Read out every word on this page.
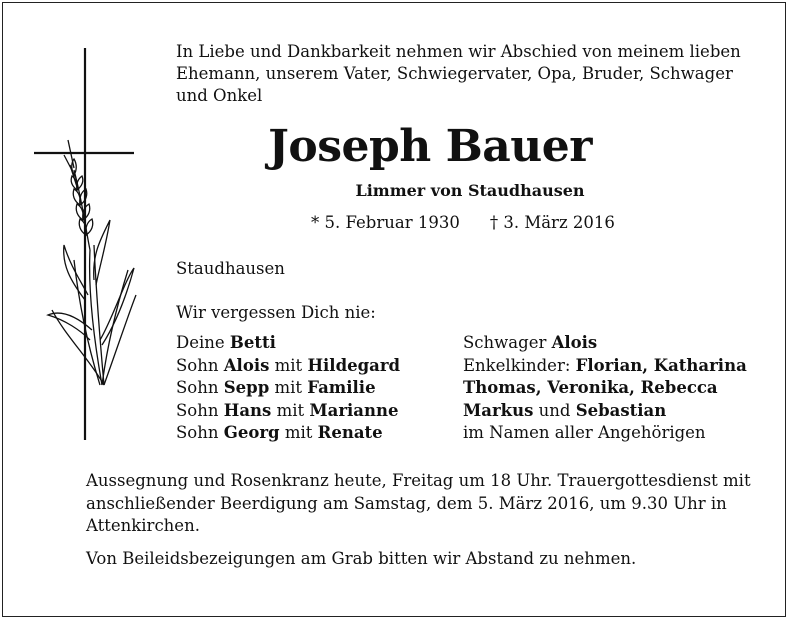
In Liebe und Dankbarkeit nehmen wir Abschied von meinem lieben Ehemann, unserem Vater, Schwiegervater, Opa, Bruder, Schwager und Onkel
Joseph Bauer
Limmer von Staudhausen
* 5. Februar 1930 † 3. März 2016
Staudhausen
Wir vergessen Dich nie:
Deine Betti
Sohn Alois mit Hildegard
Sohn Sepp mit Familie
Sohn Hans mit Marianne
Sohn Georg mit Renate
Schwager Alois
Enkelkinder: Florian, Katharina
Thomas, Veronika, Rebecca
Markus und Sebastian
im Namen aller Angehörigen
Aussegnung und Rosenkranz heute, Freitag um 18 Uhr. Trauergottesdienst mit anschließender Beerdigung am Samstag, dem 5. März 2016, um 9.30 Uhr in Attenkirchen.
Von Beileidsbezeigungen am Grab bitten wir Abstand zu nehmen.
